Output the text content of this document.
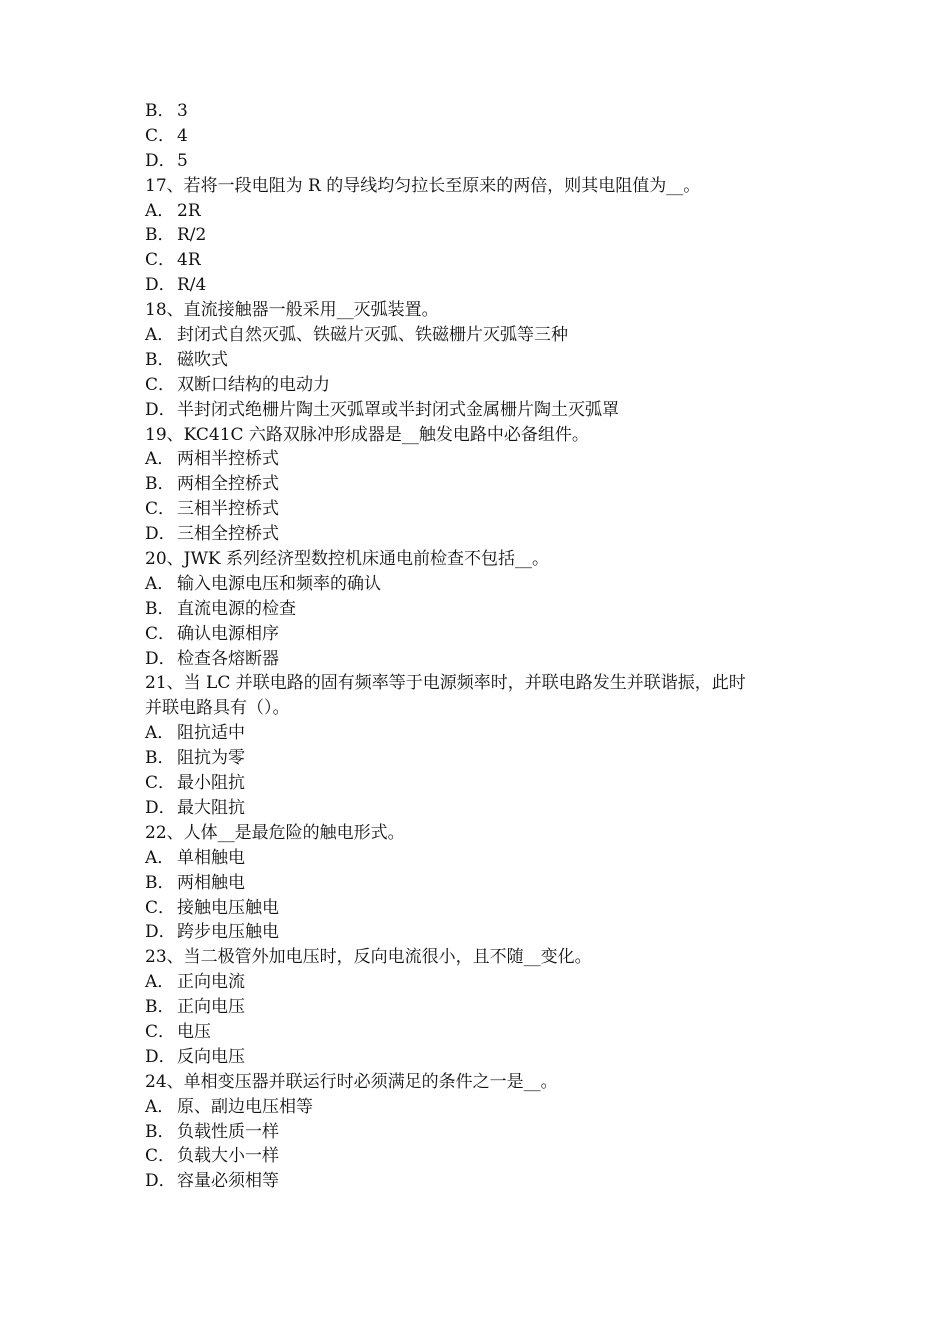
B． 3
C． 4
D．5
17、若将一段电阻为 R 的导线均匀拉长至原来的两倍，则其电阻值为__。
A． 2R
B． R/2
C． 4R
D．R/4
18、直流接触器一般采用__灭弧装置。
A． 封闭式自然灭弧、铁磁片灭弧、铁磁栅片灭弧等三种
B． 磁吹式
C． 双断口结构的电动力
D．半封闭式绝栅片陶土灭弧罩或半封闭式金属栅片陶土灭弧罩
19、KC41C 六路双脉冲形成器是__触发电路中必备组件。
A． 两相半控桥式
B． 两相全控桥式
C． 三相半控桥式
D．三相全控桥式
20、JWK 系列经济型数控机床通电前检查不包括__。
A． 输入电源电压和频率的确认
B． 直流电源的检查
C． 确认电源相序
D．检查各熔断器
21、当 LC 并联电路的固有频率等于电源频率时，并联电路发生并联谐振，此时
并联电路具有（）。
A． 阻抗适中
B． 阻抗为零
C． 最小阻抗
D．最大阻抗
22、人体__是最危险的触电形式。
A． 单相触电
B． 两相触电
C． 接触电压触电
D．跨步电压触电
23、当二极管外加电压时，反向电流很小，且不随__变化。
A． 正向电流
B． 正向电压
C． 电压
D．反向电压
24、单相变压器并联运行时必须满足的条件之一是__。
A． 原、副边电压相等
B． 负载性质一样
C． 负载大小一样
D．容量必须相等
